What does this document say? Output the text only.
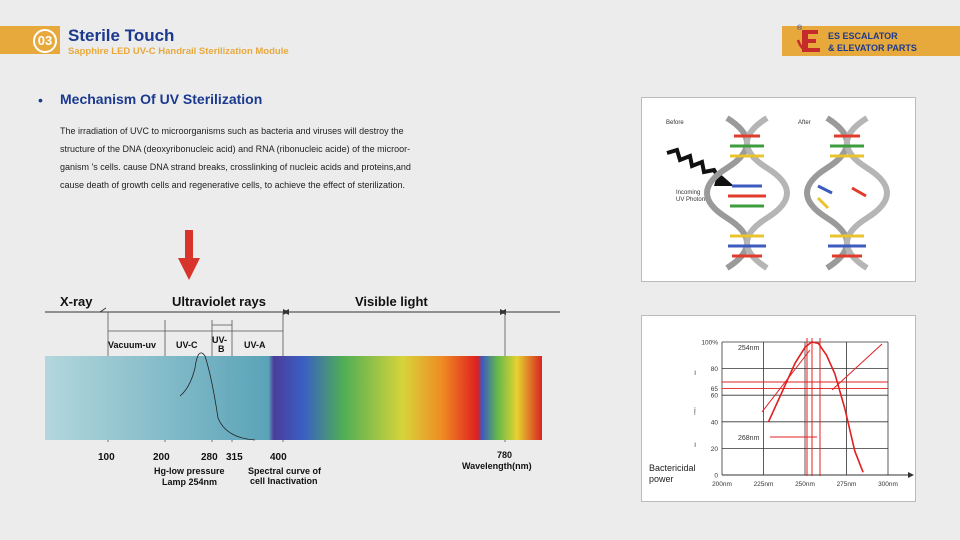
03 Sterile Touch
Sapphire LED UV-C Handrail Sterilization Module
®
ES ESCALATOR
& ELEVATOR PARTS
• Mechanism Of UV Sterilization
The irradiation of UVC to microorganisms such as bacteria and viruses will destroy the
structure of the DNA (deoxyribonucleic acid) and RNA (ribonucleic acide) of the microor-
ganism 's cells. cause DNA strand breaks, crosslinking of nucleic acids and proteins,and
cause death of growth cells and regenerative cells, to achieve the effect of sterilization.
X-ray	Ultraviolet rays	Visible light
Vacuum-uv UV-C UV-
B UV-A
100	200	280 315	400	780
Wavelength(nm)
Hg-low pressure
Lamp 254nm
Spectral curve of
cell Inactivation
Before	After
Incoming
UV Photon
0
20
40
60
65
80
100%
200nm	225nm	250nm	275nm	300nm
254nm
268nm
ı
į
ı
Bactericidal
power
